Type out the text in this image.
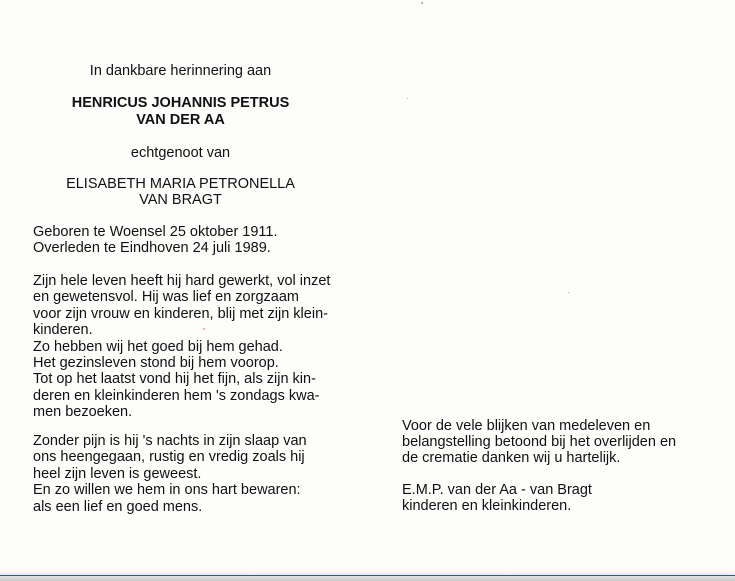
In dankbare herinnering aan
HENRICUS JOHANNIS PETRUS
VAN DER AA
echtgenoot van
ELISABETH MARIA PETRONELLA
VAN BRAGT
Geboren te Woensel 25 oktober 1911.
Overleden te Eindhoven 24 juli 1989.

Zijn hele leven heeft hij hard gewerkt, vol inzet

en gewetensvol. Hij was lief en zorgzaam

voor zijn vrouw en kinderen, blij met zijn klein-

kinderen.

Zo hebben wij het goed bij hem gehad.

Het gezinsleven stond bij hem voorop.

Tot op het laatst vond hij het fijn, als zijn kin-

deren en kleinkinderen hem 's zondags kwa-

men bezoeken.

Zonder pijn is hij 's nachts in zijn slaap van

ons heengegaan, rustig en vredig zoals hij

heel zijn leven is geweest.

En zo willen we hem in ons hart bewaren:

als een lief en goed mens.

Voor de vele blijken van medeleven en

belangstelling betoond bij het overlijden en

de crematie danken wij u hartelijk.

E.M.P. van der Aa - van Bragt

kinderen en kleinkinderen.
